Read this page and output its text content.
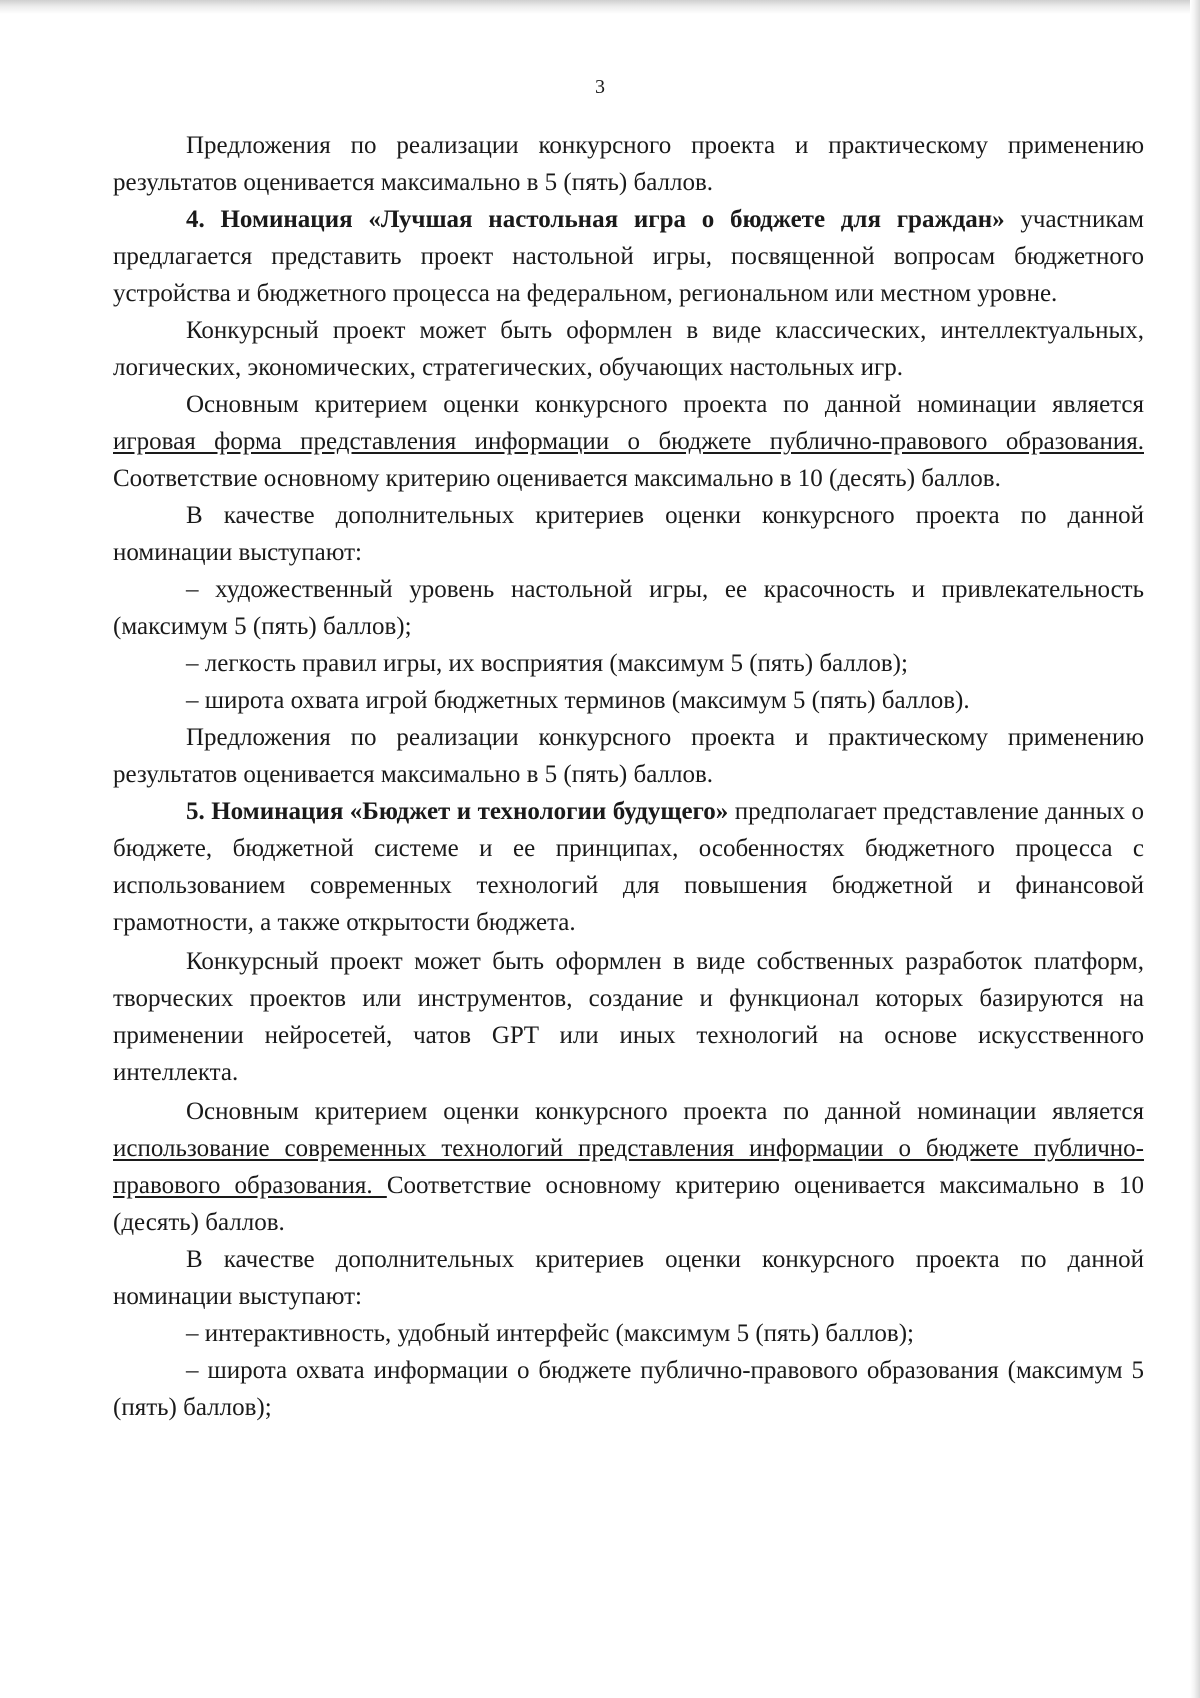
3

Предложения по реализации конкурсного проекта и практическому применению результатов оценивается максимально в 5 (пять) баллов.

4. Номинация «Лучшая настольная игра о бюджете для граждан» участникам предлагается представить проект настольной игры, посвященной вопросам бюджетного устройства и бюджетного процесса на федеральном, региональном или местном уровне.

Конкурсный проект может быть оформлен в виде классических, интеллектуальных, логических, экономических, стратегических, обучающих настольных игр.

Основным критерием оценки конкурсного проекта по данной номинации является игровая форма представления информации о бюджете публично-правового образования. Соответствие основному критерию оценивается максимально в 10 (десять) баллов.

В качестве дополнительных критериев оценки конкурсного проекта по данной номинации выступают:

– художественный уровень настольной игры, ее красочность и привлекательность (максимум 5 (пять) баллов);

– легкость правил игры, их восприятия (максимум 5 (пять) баллов);

– широта охвата игрой бюджетных терминов (максимум 5 (пять) баллов).

Предложения по реализации конкурсного проекта и практическому применению результатов оценивается максимально в 5 (пять) баллов.

5. Номинация «Бюджет и технологии будущего» предполагает представление данных о бюджете, бюджетной системе и ее принципах, особенностях бюджетного процесса с использованием современных технологий для повышения бюджетной и финансовой грамотности, а также открытости бюджета.

Конкурсный проект может быть оформлен в виде собственных разработок платформ, творческих проектов или инструментов, создание и функционал которых базируются на применении нейросетей, чатов GPT или иных технологий на основе искусственного интеллекта.

Основным критерием оценки конкурсного проекта по данной номинации является использование современных технологий представления информации о бюджете публично-правового образования. Соответствие основному критерию оценивается максимально в 10 (десять) баллов.

В качестве дополнительных критериев оценки конкурсного проекта по данной номинации выступают:

– интерактивность, удобный интерфейс (максимум 5 (пять) баллов);

– широта охвата информации о бюджете публично-правового образования (максимум 5 (пять) баллов);
